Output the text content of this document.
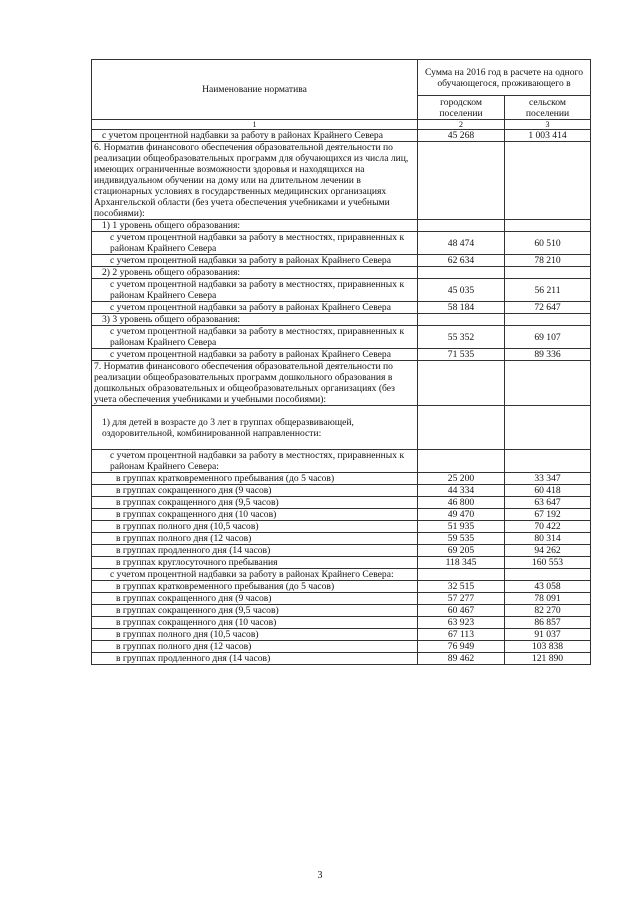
Наименование норматива	Сумма на 2016 год в расчете на одного обучающегося, проживающего в	
	городском поселении	сельском поселении
1	2	3
с учетом процентной надбавки за работу в районах Крайнего Севера	45 268	1 003 414
6. Норматив финансового обеспечения образовательной деятельности по реализации общеобразовательных программ для обучающихся из числа лиц, имеющих ограниченные возможности здоровья и находящихся на индивидуальном обучении на дому или на длительном лечении в стационарных условиях в государственных медицинских организациях Архангельской области (без учета обеспечения учебниками и учебными пособиями):		
1) 1 уровень общего образования:		
с учетом процентной надбавки за работу в местностях, приравненных к районам Крайнего Севера	48 474	60 510
с учетом процентной надбавки за работу в районах Крайнего Севера	62 634	78 210
2) 2 уровень общего образования:		
с учетом процентной надбавки за работу в местностях, приравненных к районам Крайнего Севера	45 035	56 211
с учетом процентной надбавки за работу в районах Крайнего Севера	58 184	72 647
3) 3 уровень общего образования:		
с учетом процентной надбавки за работу в местностях, приравненных к районам Крайнего Севера	55 352	69 107
с учетом процентной надбавки за работу в районах Крайнего Севера	71 535	89 336
7. Норматив финансового обеспечения образовательной деятельности по реализации общеобразовательных программ дошкольного образования в дошкольных образовательных и общеобразовательных организациях (без учета обеспечения учебниками и учебными пособиями):		
1) для детей в возрасте до 3 лет в группах общеразвивающей, оздоровительной, комбинированной направленности:		
с учетом процентной надбавки за работу в местностях, приравненных к районам Крайнего Севера:		
в группах кратковременного пребывания (до 5 часов)	25 200	33 347
в группах сокращенного дня (9 часов)	44 334	60 418
в группах сокращенного дня (9,5 часов)	46 800	63 647
в группах сокращенного дня (10 часов)	49 470	67 192
в группах полного дня (10,5 часов)	51 935	70 422
в группах полного дня (12 часов)	59 535	80 314
в группах продленного дня (14 часов)	69 205	94 262
в группах круглосуточного пребывания	118 345	160 553
с учетом процентной надбавки за работу в районах Крайнего Севера:		
в группах кратковременного пребывания (до 5 часов)	32 515	43 058
в группах сокращенного дня (9 часов)	57 277	78 091
в группах сокращенного дня (9,5 часов)	60 467	82 270
в группах сокращенного дня (10 часов)	63 923	86 857
в группах полного дня (10,5 часов)	67 113	91 037
в группах полного дня (12 часов)	76 949	103 838
в группах продленного дня (14 часов)	89 462	121 890
3
